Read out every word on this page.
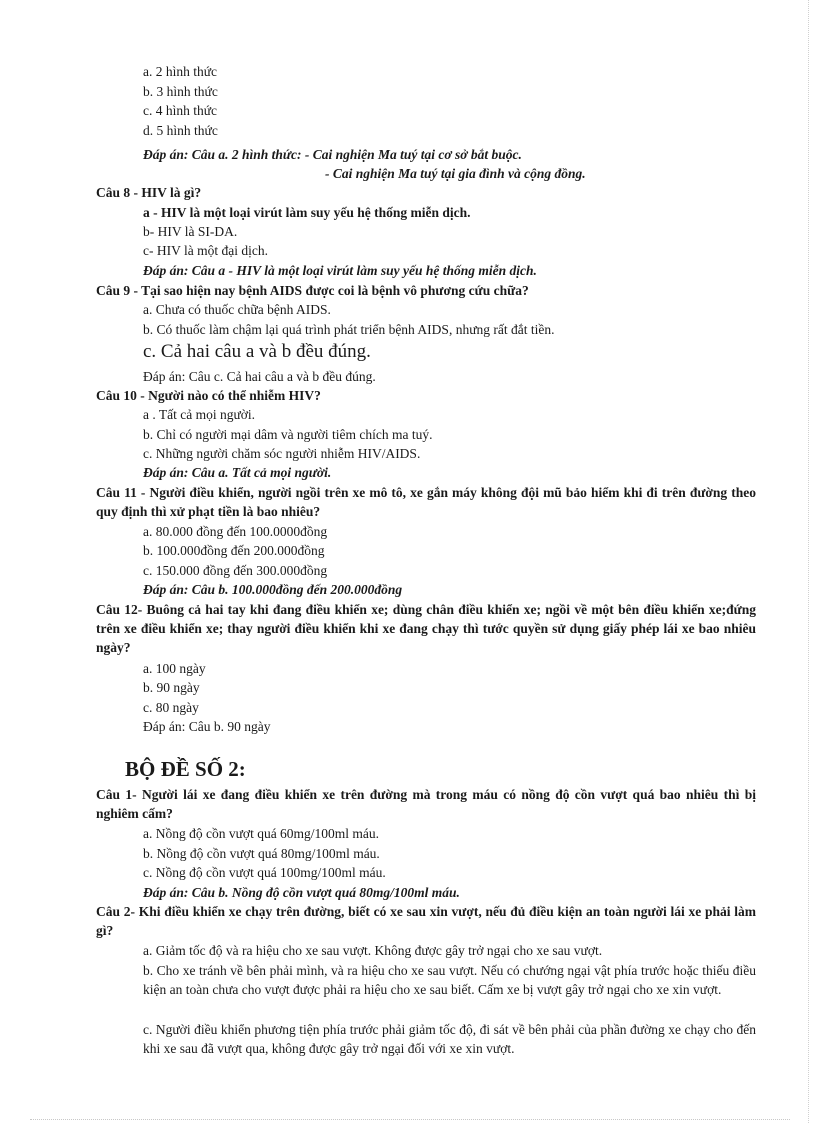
a. 2 hình thức
b. 3 hình thức
c. 4 hình thức
d. 5 hình thức
Đáp án: Câu a. 2 hình thức: - Cai nghiện Ma tuý tại cơ sở bắt buộc.
- Cai nghiện Ma tuý tại gia đình và cộng đồng.
Câu 8 - HIV là gì?
a - HIV là một loại virút làm suy yếu hệ thống miễn dịch.
b- HIV là SI-DA.
c- HIV là một đại dịch.
Đáp án: Câu a - HIV là một loại virút làm suy yếu hệ thống miễn dịch.
Câu 9 - Tại sao hiện nay bệnh AIDS được coi là bệnh vô phương cứu chữa?
a. Chưa có thuốc chữa bệnh AIDS.
b. Có thuốc làm chậm lại quá trình phát triển bệnh AIDS, nhưng rất đắt tiền.
c. Cả hai câu a và b đều đúng.
Đáp án: Câu c. Cả hai câu a và b đều đúng.
Câu 10 - Người nào có thể nhiễm HIV?
a . Tất cả mọi người.
b. Chỉ có người mại dâm và người tiêm chích ma tuý.
c. Những người chăm sóc người nhiễm HIV/AIDS.
Đáp án: Câu a. Tất cả mọi người.
Câu 11 - Người điều khiển, người ngồi trên xe mô tô, xe gắn máy không đội mũ bảo hiểm khi đi trên đường theo quy định thì xử phạt tiền là bao nhiêu?
a. 80.000 đồng đến 100.0000đồng
b. 100.000đồng đến 200.000đồng
c. 150.000 đồng đến 300.000đồng
Đáp án: Câu b. 100.000đồng đến 200.000đồng
Câu 12- Buông cả hai tay khi đang điều khiển xe; dùng chân điều khiển xe; ngồi về một bên điều khiển xe;đứng trên xe điều khiển xe; thay người điều khiển khi xe đang chạy thì tước quyền sử dụng giấy phép lái xe bao nhiêu ngày?
a. 100 ngày
b. 90 ngày
c. 80 ngày
Đáp án: Câu b. 90 ngày
BỘ ĐỀ SỐ 2:
Câu 1- Người lái xe đang điều khiển xe trên đường mà trong máu có nồng độ cồn vượt quá bao nhiêu thì bị nghiêm cấm?
a. Nồng độ cồn vượt quá 60mg/100ml máu.
b. Nồng độ cồn vượt quá 80mg/100ml máu.
c. Nồng độ cồn vượt quá 100mg/100ml máu.
Đáp án: Câu b. Nồng độ cồn vượt quá 80mg/100ml máu.
Câu 2- Khi điều khiển xe chạy trên đường, biết có xe sau xin vượt, nếu đủ điều kiện an toàn người lái xe phải làm gì?
a. Giảm tốc độ và ra hiệu cho xe sau vượt. Không được gây trở ngại cho xe sau vượt.
b. Cho xe tránh về bên phải mình, và ra hiệu cho xe sau vượt. Nếu có chướng ngại vật phía trước hoặc thiếu điều kiện an toàn chưa cho vượt được phải ra hiệu cho xe sau biết. Cấm xe bị vượt gây trở ngại cho xe xin vượt.
c. Người điều khiển phương tiện phía trước phải giảm tốc độ, đi sát về bên phải của phần đường xe chạy cho đến khi xe sau đã vượt qua, không được gây trở ngại đối với xe xin vượt.
